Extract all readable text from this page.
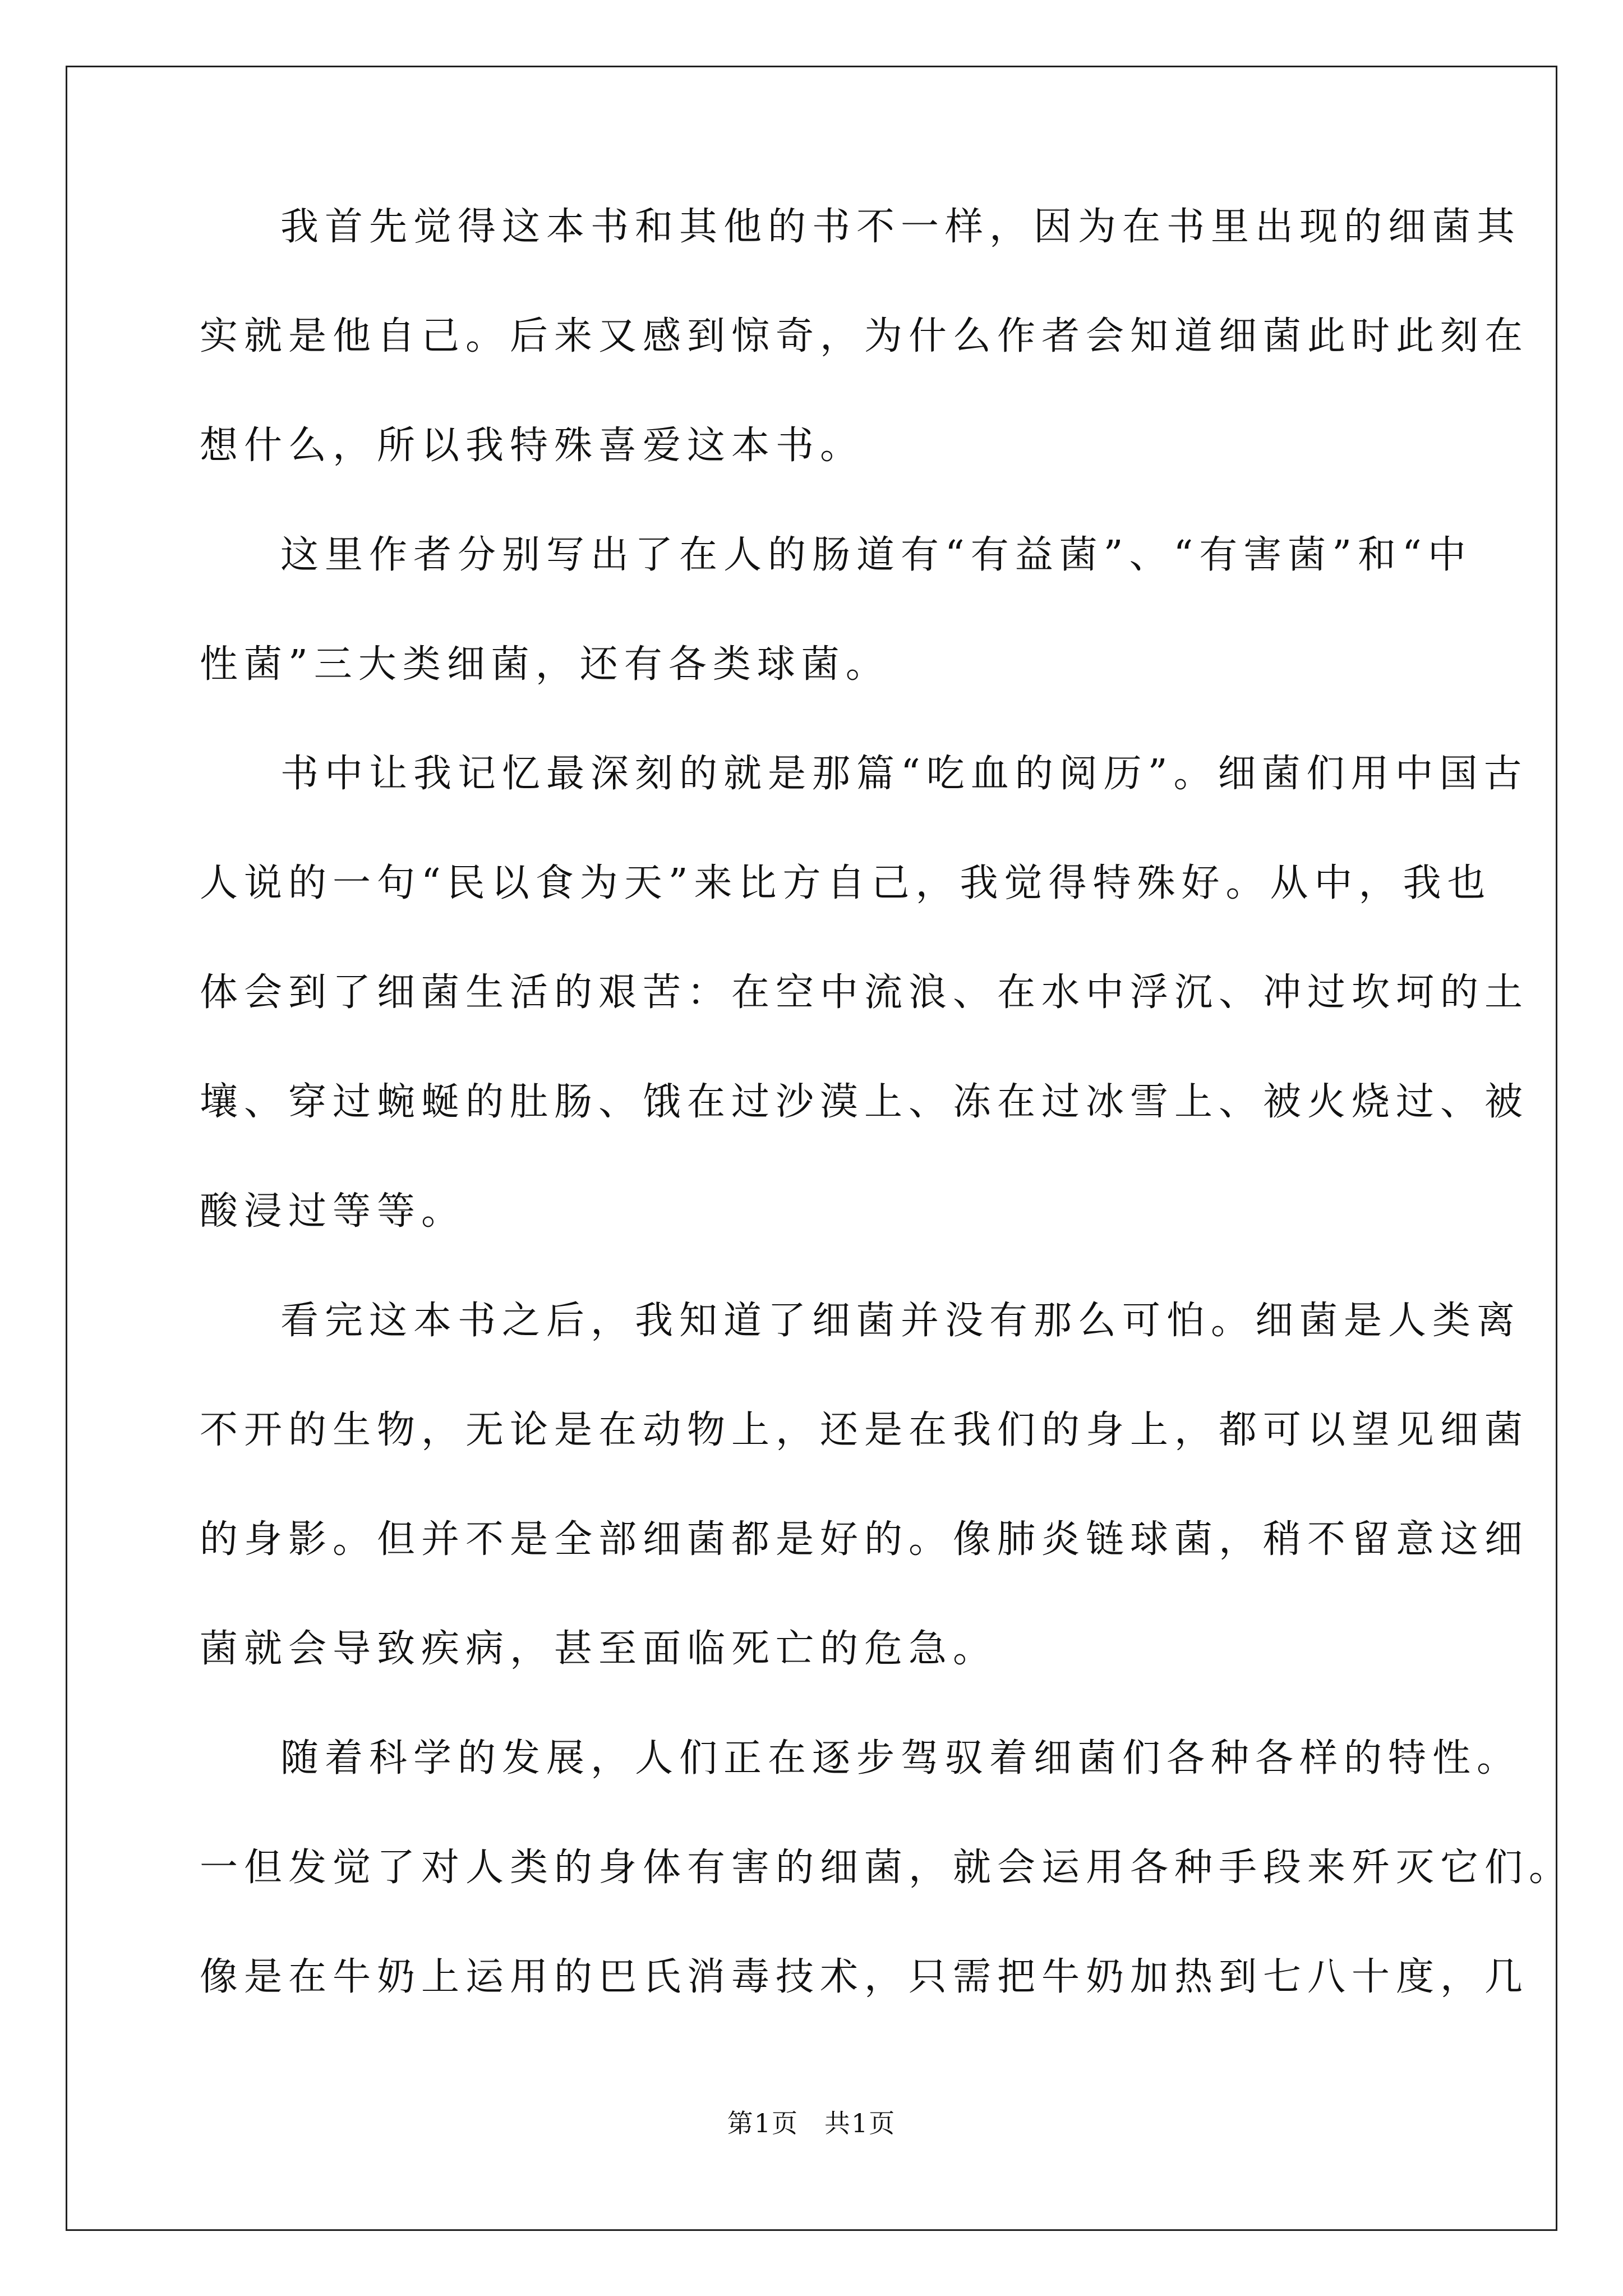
我首先觉得这本书和其他的书不一样，因为在书里出现的细菌其
实就是他自己。后来又感到惊奇，为什么作者会知道细菌此时此刻在
想什么，所以我特殊喜爱这本书。
这里作者分别写出了在人的肠道有“有益菌”、“有害菌”和“中
性菌”三大类细菌，还有各类球菌。
书中让我记忆最深刻的就是那篇“吃血的阅历”。细菌们用中国古
人说的一句“民以食为天”来比方自己，我觉得特殊好。从中，我也
体会到了细菌生活的艰苦：在空中流浪、在水中浮沉、冲过坎坷的土
壤、穿过蜿蜒的肚肠、饿在过沙漠上、冻在过冰雪上、被火烧过、被
酸浸过等等。
看完这本书之后，我知道了细菌并没有那么可怕。细菌是人类离
不开的生物，无论是在动物上，还是在我们的身上，都可以望见细菌
的身影。但并不是全部细菌都是好的。像肺炎链球菌，稍不留意这细
菌就会导致疾病，甚至面临死亡的危急。
随着科学的发展，人们正在逐步驾驭着细菌们各种各样的特性。
一但发觉了对人类的身体有害的细菌，就会运用各种手段来歼灭它们。
像是在牛奶上运用的巴氏消毒技术，只需把牛奶加热到七八十度，几
第1页 共1页
